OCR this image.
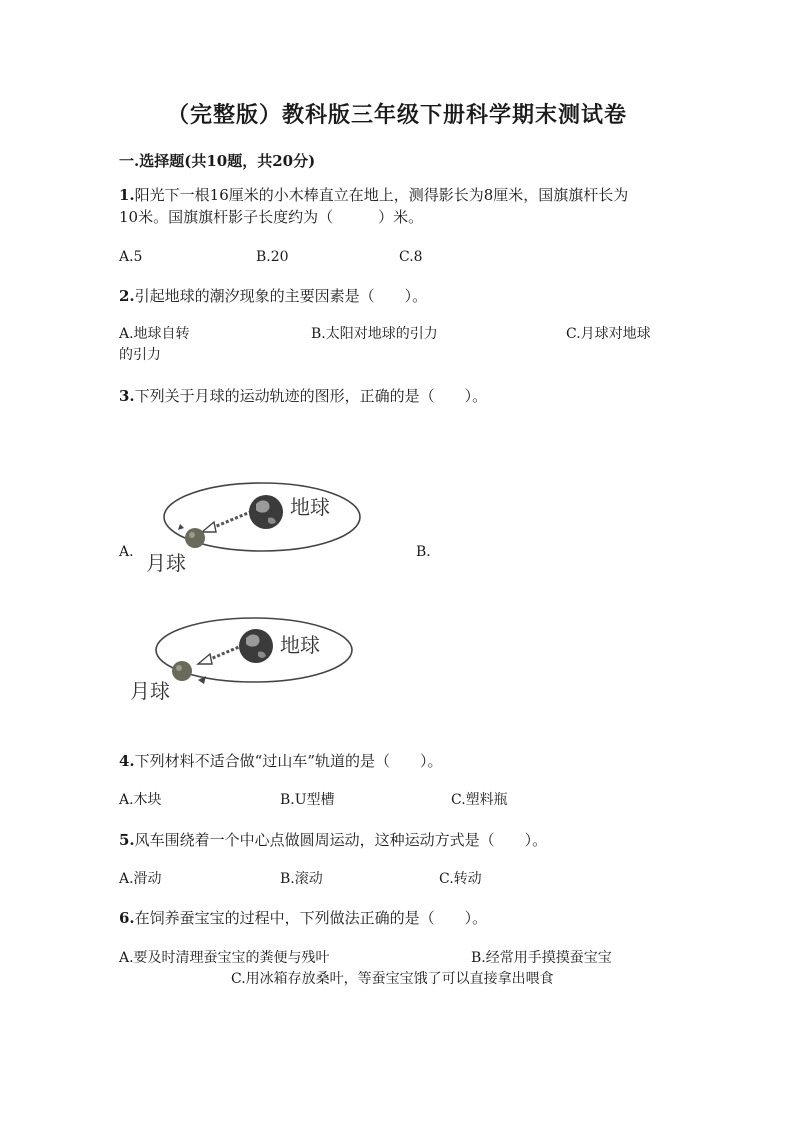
（完整版）教科版三年级下册科学期末测试卷
一.选择题(共10题，共20分)
1.阳光下一根16厘米的小木棒直立在地上，测得影长为8厘米，国旗旗杆长为
10米。国旗旗杆影子长度约为（　　　）米。
A.5	B.20	C.8
2.引起地球的潮汐现象的主要因素是（　　）。
A.地球自转	B.太阳对地球的引力	C.月球对地球
的引力
3.下列关于月球的运动轨迹的图形，正确的是（　　）。
地球
月球
A.	B.
地球
月球
4.下列材料不适合做“过山车”轨道的是（　　）。
A.木块	B.U型槽	C.塑料瓶
5.风车围绕着一个中心点做圆周运动，这种运动方式是（　　）。
A.滑动	B.滚动	C.转动
6.在饲养蚕宝宝的过程中，下列做法正确的是（　　）。
A.要及时清理蚕宝宝的粪便与残叶	B.经常用手摸摸蚕宝宝
C.用冰箱存放桑叶，等蚕宝宝饿了可以直接拿出喂食
